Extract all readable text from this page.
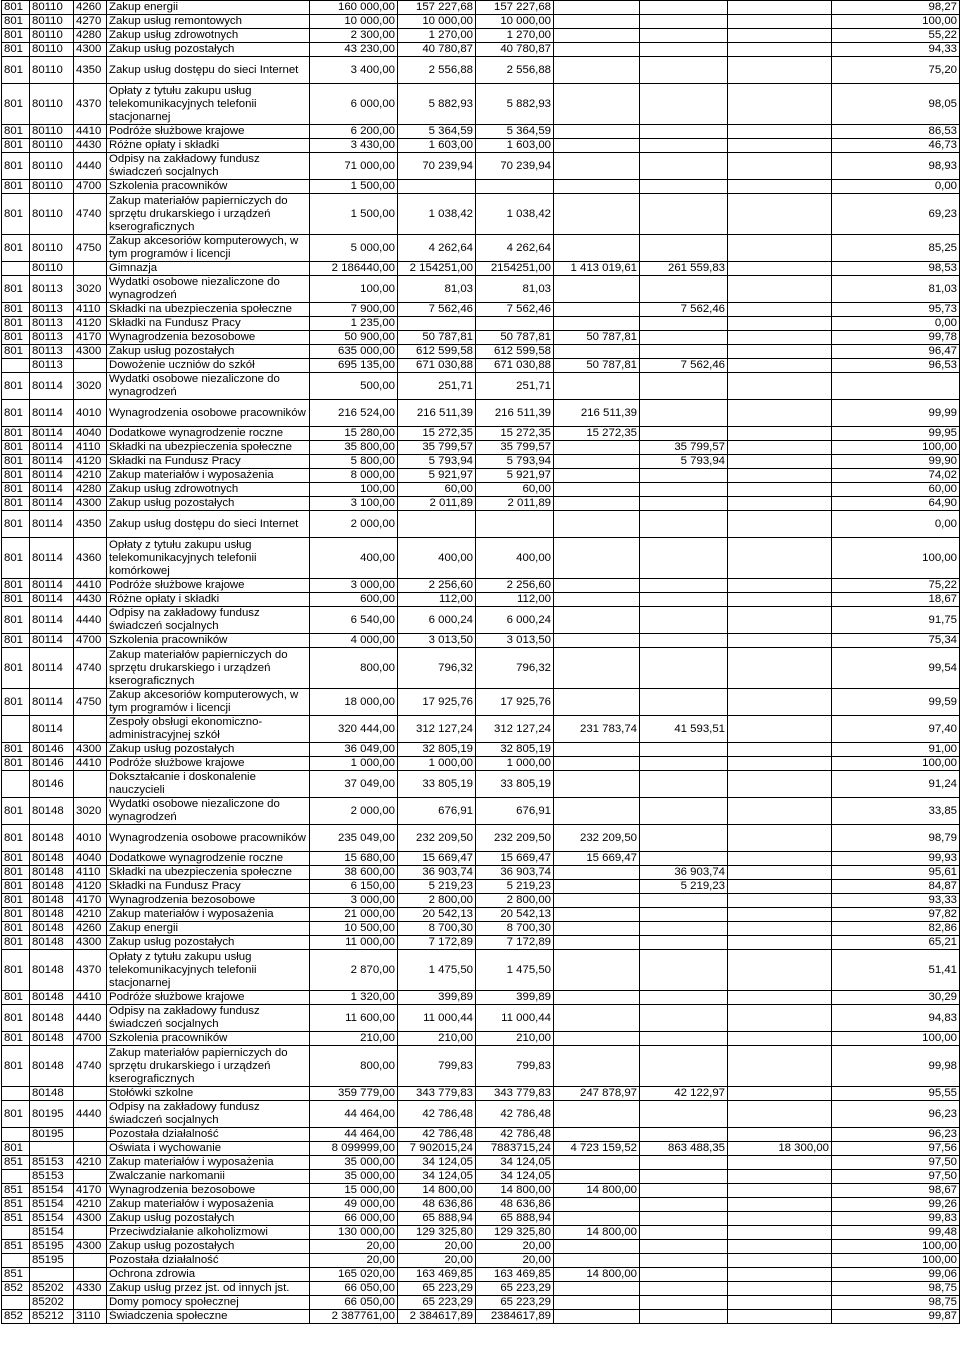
801	80110	4260	Zakup energii	160 000,00	157 227,68	157 227,68					98,27
801	80110	4270	Zakup usług remontowych	10 000,00	10 000,00	10 000,00					100,00
801	80110	4280	Zakup usług zdrowotnych	2 300,00	1 270,00	1 270,00					55,22
801	80110	4300	Zakup usług pozostałych	43 230,00	40 780,87	40 780,87					94,33
801	80110	4350	Zakup usług dostępu do sieci Internet	3 400,00	2 556,88	2 556,88					75,20
801	80110	4370	Opłaty z tytułu zakupu usług telekomunikacyjnych telefonii stacjonarnej	6 000,00	5 882,93	5 882,93					98,05
801	80110	4410	Podróże służbowe krajowe	6 200,00	5 364,59	5 364,59					86,53
801	80110	4430	Różne opłaty i składki	3 430,00	1 603,00	1 603,00					46,73
801	80110	4440	Odpisy na zakładowy fundusz świadczeń socjalnych	71 000,00	70 239,94	70 239,94					98,93
801	80110	4700	Szkolenia pracowników	1 500,00							0,00
801	80110	4740	Zakup materiałów papierniczych do sprzętu drukarskiego i urządzeń kserograficznych	1 500,00	1 038,42	1 038,42					69,23
801	80110	4750	Zakup akcesoriów komputerowych, w tym programów i licencji	5 000,00	4 262,64	4 262,64					85,25
	80110		Gimnazja	2 186440,00	2 154251,00	2154251,00	1 413 019,61	261 559,83			98,53
801	80113	3020	Wydatki osobowe niezaliczone do wynagrodzeń	100,00	81,03	81,03					81,03
801	80113	4110	Składki na ubezpieczenia społeczne	7 900,00	7 562,46	7 562,46		7 562,46			95,73
801	80113	4120	Składki na Fundusz Pracy	1 235,00							0,00
801	80113	4170	Wynagrodzenia bezosobowe	50 900,00	50 787,81	50 787,81	50 787,81				99,78
801	80113	4300	Zakup usług pozostałych	635 000,00	612 599,58	612 599,58					96,47
	80113		Dowożenie uczniów do szkół	695 135,00	671 030,88	671 030,88	50 787,81	7 562,46			96,53
801	80114	3020	Wydatki osobowe niezaliczone do wynagrodzeń	500,00	251,71	251,71					
801	80114	4010	Wynagrodzenia osobowe pracowników	216 524,00	216 511,39	216 511,39	216 511,39				99,99
801	80114	4040	Dodatkowe wynagrodzenie roczne	15 280,00	15 272,35	15 272,35	15 272,35				99,95
801	80114	4110	Składki na ubezpieczenia społeczne	35 800,00	35 799,57	35 799,57		35 799,57			100,00
801	80114	4120	Składki na Fundusz Pracy	5 800,00	5 793,94	5 793,94		5 793,94			99,90
801	80114	4210	Zakup materiałów i wyposażenia	8 000,00	5 921,97	5 921,97					74,02
801	80114	4280	Zakup usług zdrowotnych	100,00	60,00	60,00					60,00
801	80114	4300	Zakup usług pozostałych	3 100,00	2 011,89	2 011,89					64,90
801	80114	4350	Zakup usług dostępu do sieci Internet	2 000,00							0,00
801	80114	4360	Opłaty z tytułu zakupu usług telekomunikacyjnych telefonii komórkowej	400,00	400,00	400,00					100,00
801	80114	4410	Podróże służbowe krajowe	3 000,00	2 256,60	2 256,60					75,22
801	80114	4430	Różne opłaty i składki	600,00	112,00	112,00					18,67
801	80114	4440	Odpisy na zakładowy fundusz świadczeń socjalnych	6 540,00	6 000,24	6 000,24					91,75
801	80114	4700	Szkolenia pracowników	4 000,00	3 013,50	3 013,50					75,34
801	80114	4740	Zakup materiałów papierniczych do sprzętu drukarskiego i urządzeń kserograficznych	800,00	796,32	796,32					99,54
801	80114	4750	Zakup akcesoriów komputerowych, w tym programów i licencji	18 000,00	17 925,76	17 925,76					99,59
	80114		Zespoły obsługi ekonomiczno-administracyjnej szkół	320 444,00	312 127,24	312 127,24	231 783,74	41 593,51			97,40
801	80146	4300	Zakup usług pozostałych	36 049,00	32 805,19	32 805,19					91,00
801	80146	4410	Podróże służbowe krajowe	1 000,00	1 000,00	1 000,00					100,00
	80146		Dokształcanie i doskonalenie nauczycieli	37 049,00	33 805,19	33 805,19					91,24
801	80148	3020	Wydatki osobowe niezaliczone do wynagrodzeń	2 000,00	676,91	676,91					33,85
801	80148	4010	Wynagrodzenia osobowe pracowników	235 049,00	232 209,50	232 209,50	232 209,50				98,79
801	80148	4040	Dodatkowe wynagrodzenie roczne	15 680,00	15 669,47	15 669,47	15 669,47				99,93
801	80148	4110	Składki na ubezpieczenia społeczne	38 600,00	36 903,74	36 903,74		36 903,74			95,61
801	80148	4120	Składki na Fundusz Pracy	6 150,00	5 219,23	5 219,23		5 219,23			84,87
801	80148	4170	Wynagrodzenia bezosobowe	3 000,00	2 800,00	2 800,00					93,33
801	80148	4210	Zakup materiałów i wyposażenia	21 000,00	20 542,13	20 542,13					97,82
801	80148	4260	Zakup energii	10 500,00	8 700,30	8 700,30					82,86
801	80148	4300	Zakup usług pozostałych	11 000,00	7 172,89	7 172,89					65,21
801	80148	4370	Opłaty z tytułu zakupu usług telekomunikacyjnych telefonii stacjonarnej	2 870,00	1 475,50	1 475,50					51,41
801	80148	4410	Podróże służbowe krajowe	1 320,00	399,89	399,89					30,29
801	80148	4440	Odpisy na zakładowy fundusz świadczeń socjalnych	11 600,00	11 000,44	11 000,44					94,83
801	80148	4700	Szkolenia pracowników	210,00	210,00	210,00					100,00
801	80148	4740	Zakup materiałów papierniczych do sprzętu drukarskiego i urządzeń kserograficznych	800,00	799,83	799,83					99,98
	80148		Stołówki szkolne	359 779,00	343 779,83	343 779,83	247 878,97	42 122,97			95,55
801	80195	4440	Odpisy na zakładowy fundusz świadczeń socjalnych	44 464,00	42 786,48	42 786,48					96,23
	80195		Pozostała działalność	44 464,00	42 786,48	42 786,48					96,23
801			Oświata i wychowanie	8 099999,00	7 902015,24	7883715,24	4 723 159,52	863 488,35		18 300,00	97,56
851	85153	4210	Zakup materiałów i wyposażenia	35 000,00	34 124,05	34 124,05					97,50
	85153		Zwalczanie narkomanii	35 000,00	34 124,05	34 124,05					97,50
851	85154	4170	Wynagrodzenia bezosobowe	15 000,00	14 800,00	14 800,00	14 800,00				98,67
851	85154	4210	Zakup materiałów i wyposażenia	49 000,00	48 636,86	48 636,86					99,26
851	85154	4300	Zakup usług pozostałych	66 000,00	65 888,94	65 888,94					99,83
	85154		Przeciwdziałanie alkoholizmowi	130 000,00	129 325,80	129 325,80	14 800,00				99,48
851	85195	4300	Zakup usług pozostałych	20,00	20,00	20,00					100,00
	85195		Pozostała działalność	20,00	20,00	20,00					100,00
851			Ochrona zdrowia	165 020,00	163 469,85	163 469,85	14 800,00				99,06
852	85202	4330	Zakup usług przez jst. od innych jst.	66 050,00	65 223,29	65 223,29					98,75
	85202		Domy pomocy społecznej	66 050,00	65 223,29	65 223,29					98,75
852	85212	3110	Świadczenia społeczne	2 387761,00	2 384617,89	2384617,89					99,87
